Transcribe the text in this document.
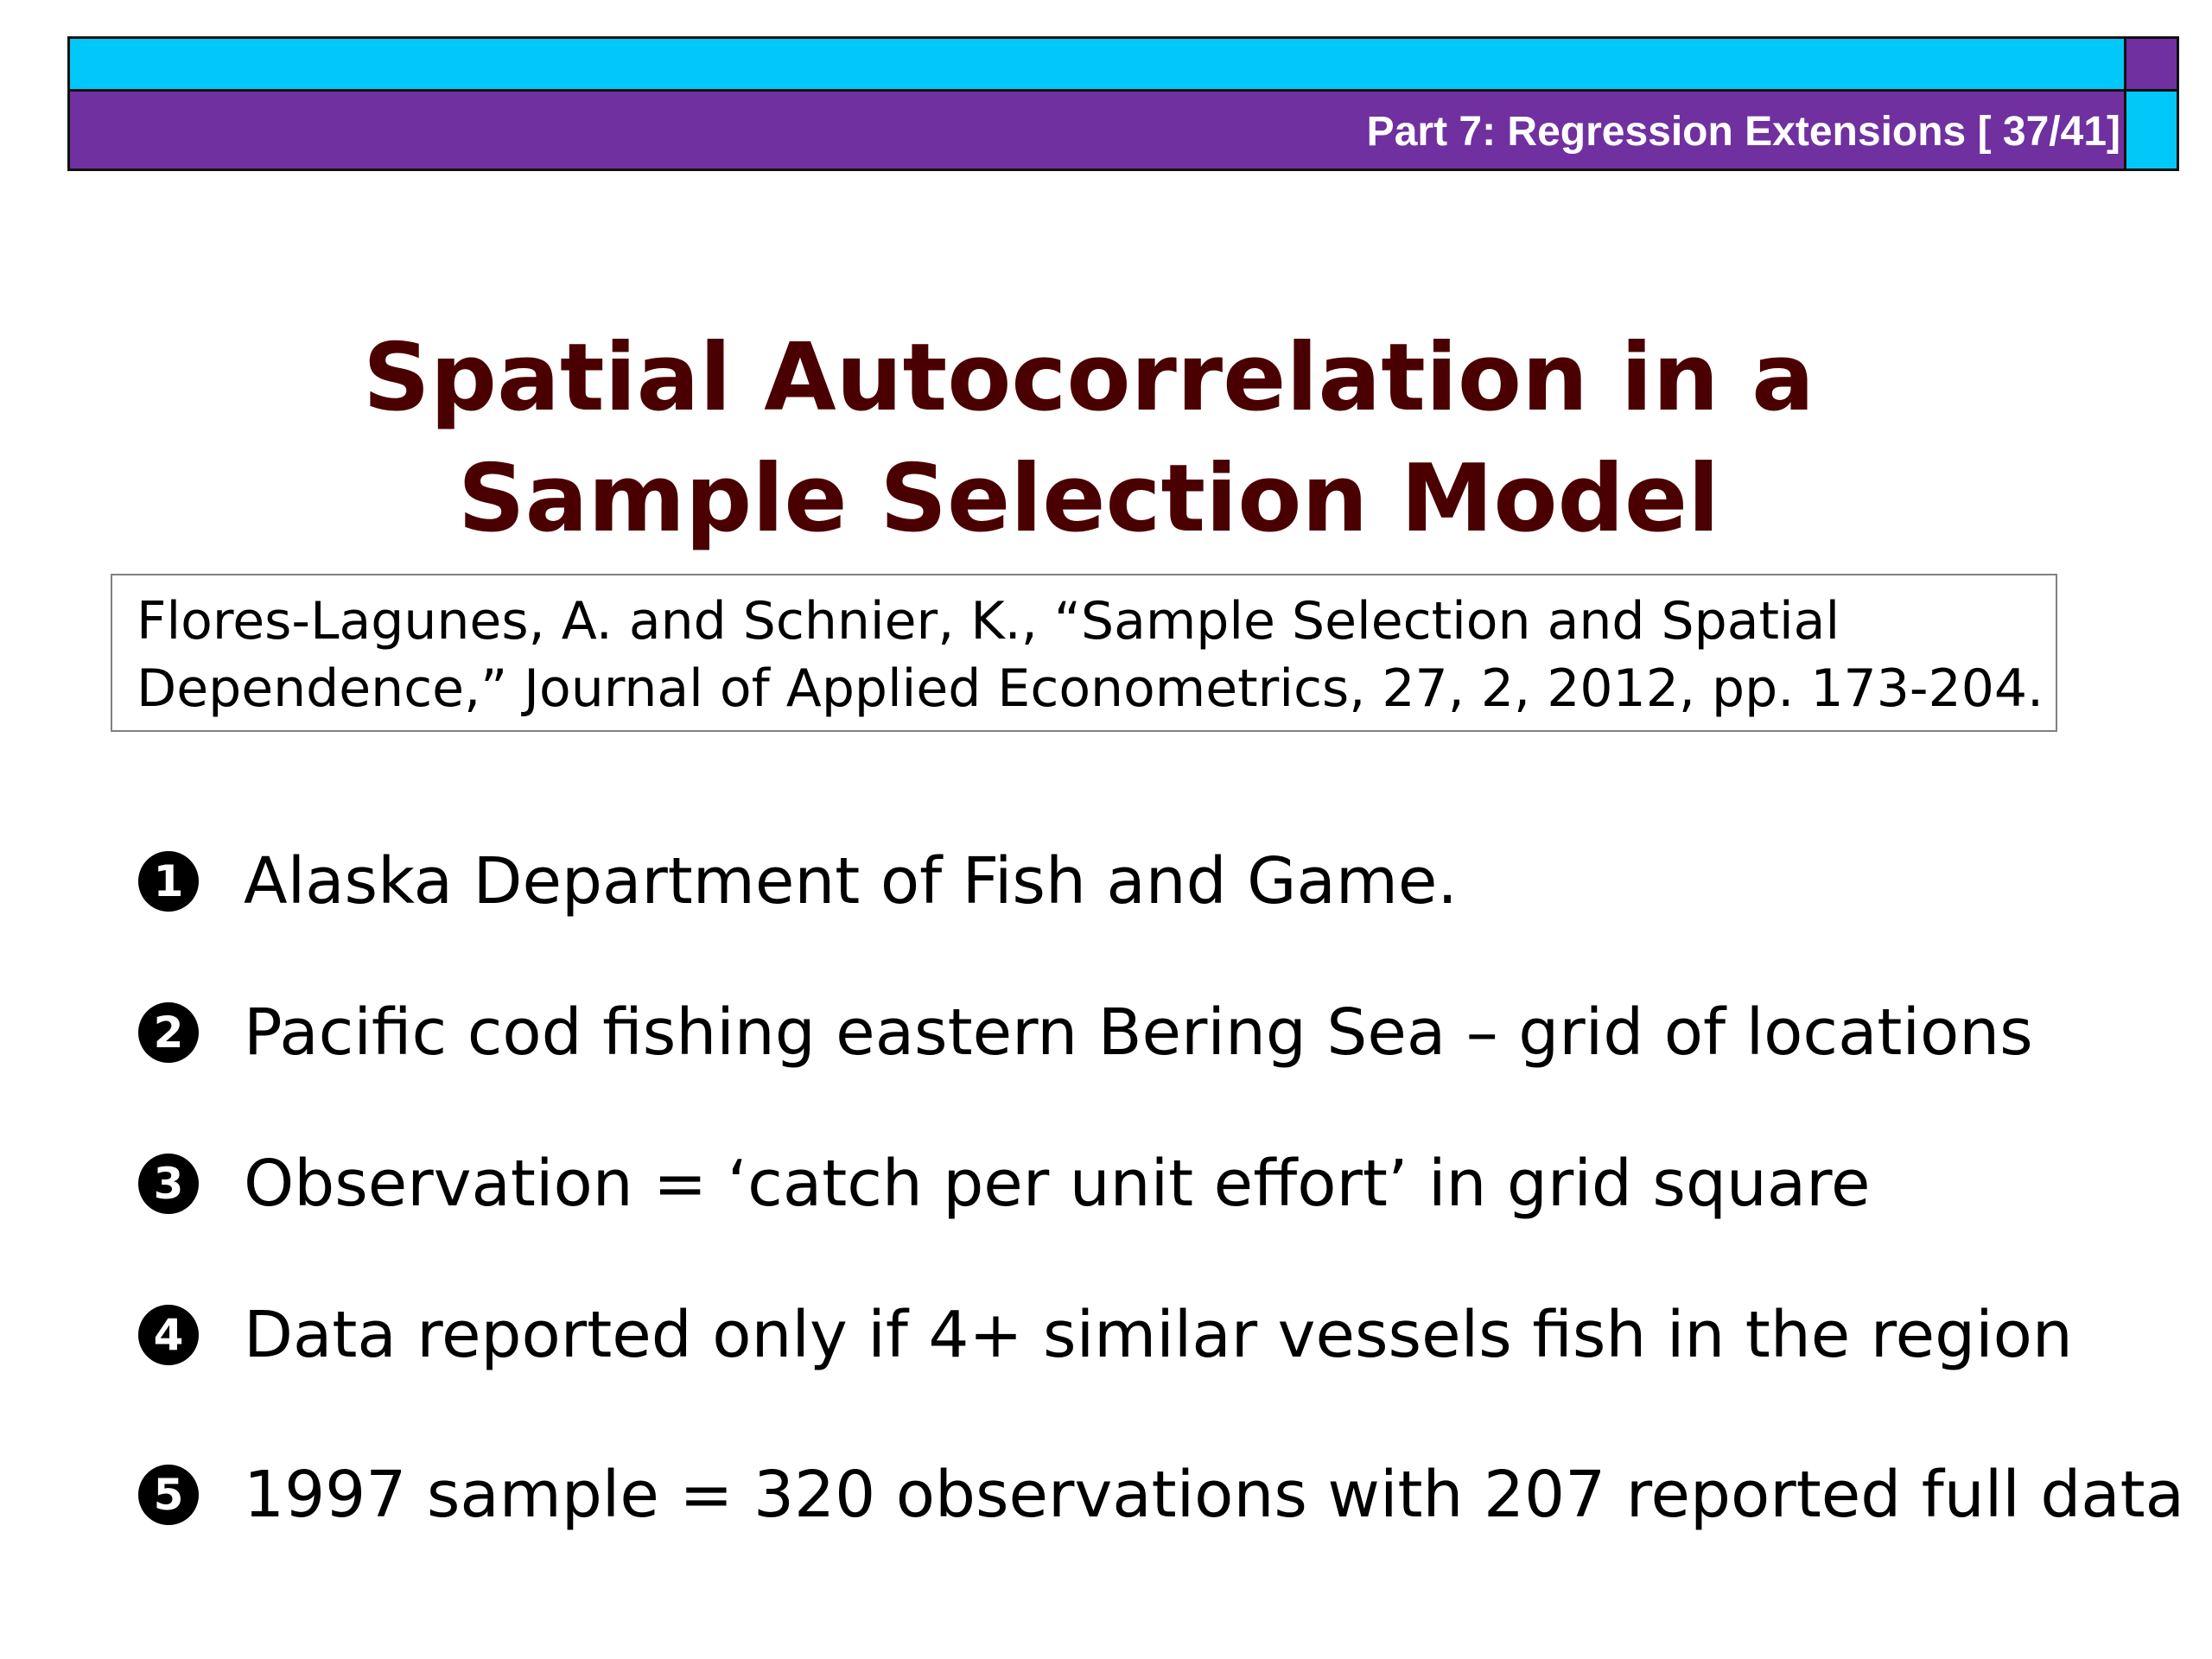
Part 7: Regression Extensions [ 37/41]
Spatial Autocorrelation in a
Sample Selection Model
Flores-Lagunes, A. and Schnier, K., “Sample Selection and Spatial
Dependence,” Journal of Applied Econometrics, 27, 2, 2012, pp. 173-204.
1 Alaska Department of Fish and Game.
2 Pacific cod fishing eastern Bering Sea – grid of locations
3 Observation = ‘catch per unit effort’ in grid square
4 Data reported only if 4+ similar vessels fish in the region
5 1997 sample = 320 observations with 207 reported full data
